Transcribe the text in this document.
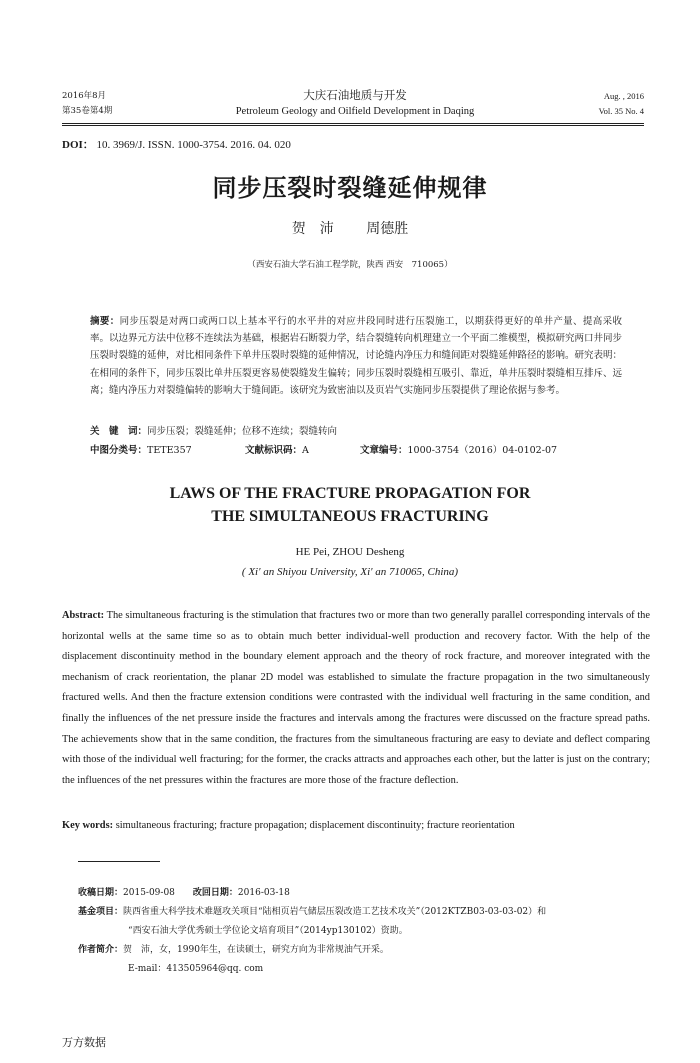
2016年8月
第35卷第4期
大庆石油地质与开发
Petroleum Geology and Oilfield Development in Daqing
Aug. , 2016
Vol. 35 No. 4
DOI： 10. 3969/J. ISSN. 1000-3754. 2016. 04. 020
同步压裂时裂缝延伸规律
贺　沛 周德胜
（西安石油大学石油工程学院，陕西 西安　710065）
摘要：同步压裂是对两口或两口以上基本平行的水平井的对应井段同时进行压裂施工，以期获得更好的单井产量、提高采收率。以边界元方法中位移不连续法为基础，根据岩石断裂力学，结合裂缝转向机理建立一个平面二维模型，模拟研究两口井同步压裂时裂缝的延伸，对比相同条件下单井压裂时裂缝的延伸情况，讨论缝内净压力和缝间距对裂缝延伸路径的影响。研究表明：在相同的条件下，同步压裂比单井压裂更容易使裂缝发生偏转；同步压裂时裂缝相互吸引、靠近，单井压裂时裂缝相互排斥、远离；缝内净压力对裂缝偏转的影响大于缝间距。该研究为致密油以及页岩气实施同步压裂提供了理论依据与参考。
关　键　词：同步压裂；裂缝延伸；位移不连续；裂缝转向
中图分类号：TETE357	文献标识码：A	文章编号：1000-3754（2016）04-0102-07
LAWS OF THE FRACTURE PROPAGATION FOR
THE SIMULTANEOUS FRACTURING
HE Pei, ZHOU Desheng
( Xi' an Shiyou University, Xi' an 710065, China)
Abstract: The simultaneous fracturing is the stimulation that fractures two or more than two generally parallel corresponding intervals of the horizontal wells at the same time so as to obtain much better individual-well production and recovery factor. With the help of the displacement discontinuity method in the boundary element approach and the theory of rock fracture, and moreover integrated with the mechanism of crack reorientation, the planar 2D model was established to simulate the fracture propagation in the two simultaneously fractured wells. And then the fracture extension conditions were contrasted with the individual well fracturing in the same condition, and finally the influences of the net pressure inside the fractures and intervals among the fractures were discussed on the fracture spread paths. The achievements show that in the same condition, the fractures from the simultaneous fracturing are easy to deviate and deflect comparing with those of the individual well fracturing; for the former, the cracks attracts and approaches each other, but the latter is just on the contrary; the influences of the net pressures within the fractures are more those of the fracture deflection.
Key words: simultaneous fracturing; fracture propagation; displacement discontinuity; fracture reorientation
收稿日期：2015-09-08 改回日期：2016-03-18
基金项目：陕西省重大科学技术难题攻关项目“陆相页岩气储层压裂改造工艺技术攻关”（2012KTZB03-03-03-02）和
“西安石油大学优秀硕士学位论文培育项目”（2014yp130102）资助。
作者简介：贺　沛，女，1990年生，在读硕士，研究方向为非常规油气开采。
E-mail：413505964@qq. com
万方数据
